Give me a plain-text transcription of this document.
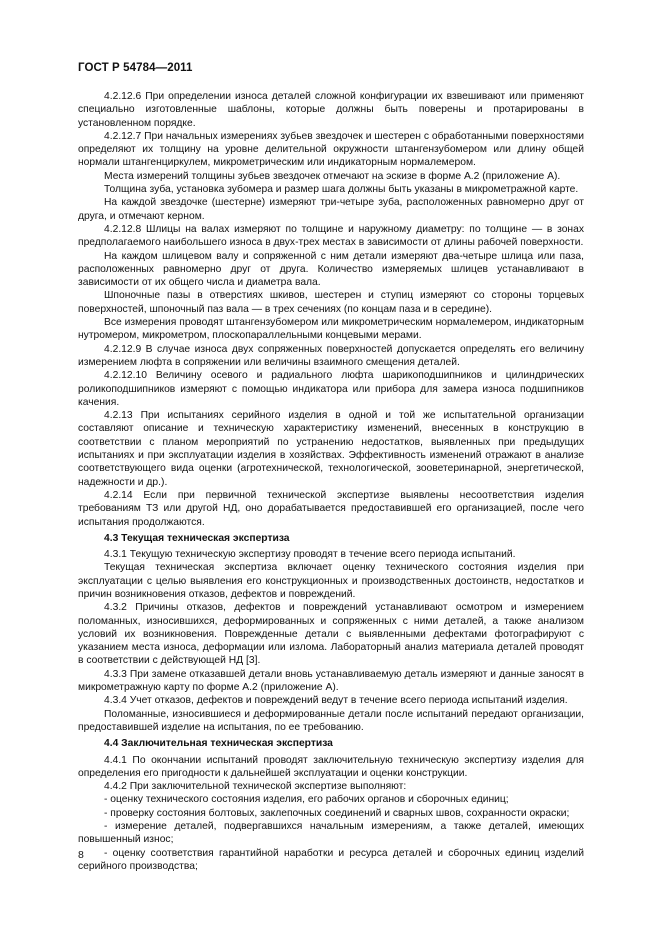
ГОСТ Р 54784—2011

4.2.12.6 При определении износа деталей сложной конфигурации их взвешивают или применяют специально изготовленные шаблоны, которые должны быть поверены и протарированы в установленном порядке.

4.2.12.7 При начальных измерениях зубьев звездочек и шестерен с обработанными поверхностями определяют их толщину на уровне делительной окружности штангензубомером или длину общей нормали штангенциркулем, микрометрическим или индикаторным нормалемером.

Места измерений толщины зубьев звездочек отмечают на эскизе в форме А.2 (приложение А).

Толщина зуба, установка зубомера и размер шага должны быть указаны в микрометражной карте.

На каждой звездочке (шестерне) измеряют три-четыре зуба, расположенных равномерно друг от друга, и отмечают керном.

4.2.12.8 Шлицы на валах измеряют по толщине и наружному диаметру: по толщине — в зонах предполагаемого наибольшего износа в двух-трех местах в зависимости от длины рабочей поверхности.

На каждом шлицевом валу и сопряженной с ним детали измеряют два-четыре шлица или паза, расположенных равномерно друг от друга. Количество измеряемых шлицев устанавливают в зависимости от их общего числа и диаметра вала.

Шпоночные пазы в отверстиях шкивов, шестерен и ступиц измеряют со стороны торцевых поверхностей, шпоночный паз вала — в трех сечениях (по концам паза и в середине).

Все измерения проводят штангензубомером или микрометрическим нормалемером, индикаторным нутромером, микрометром, плоскопараллельными концевыми мерами.

4.2.12.9 В случае износа двух сопряженных поверхностей допускается определять его величину измерением люфта в сопряжении или величины взаимного смещения деталей.

4.2.12.10 Величину осевого и радиального люфта шарикоподшипников и цилиндрических роликоподшипников измеряют с помощью индикатора или прибора для замера износа подшипников качения.

4.2.13 При испытаниях серийного изделия в одной и той же испытательной организации составляют описание и техническую характеристику изменений, внесенных в конструкцию в соответствии с планом мероприятий по устранению недостатков, выявленных при предыдущих испытаниях и при эксплуатации изделия в хозяйствах. Эффективность изменений отражают в анализе соответствующего вида оценки (агротехнической, технологической, зооветеринарной, энергетической, надежности и др.).

4.2.14 Если при первичной технической экспертизе выявлены несоответствия изделия требованиям ТЗ или другой НД, оно дорабатывается предоставившей его организацией, после чего испытания продолжаются.

4.3 Текущая техническая экспертиза

4.3.1 Текущую техническую экспертизу проводят в течение всего периода испытаний.

Текущая техническая экспертиза включает оценку технического состояния изделия при эксплуатации с целью выявления его конструкционных и производственных достоинств, недостатков и причин возникновения отказов, дефектов и повреждений.

4.3.2 Причины отказов, дефектов и повреждений устанавливают осмотром и измерением поломанных, износившихся, деформированных и сопряженных с ними деталей, а также анализом условий их возникновения. Поврежденные детали с выявленными дефектами фотографируют с указанием места износа, деформации или излома. Лабораторный анализ материала деталей проводят в соответствии с действующей НД [3].

4.3.3 При замене отказавшей детали вновь устанавливаемую деталь измеряют и данные заносят в микрометражную карту по форме А.2 (приложение А).

4.3.4 Учет отказов, дефектов и повреждений ведут в течение всего периода испытаний изделия.

Поломанные, износившиеся и деформированные детали после испытаний передают организации, предоставившей изделие на испытания, по ее требованию.

4.4 Заключительная техническая экспертиза

4.4.1 По окончании испытаний проводят заключительную техническую экспертизу изделия для определения его пригодности к дальнейшей эксплуатации и оценки конструкции.

4.4.2 При заключительной технической экспертизе выполняют:

- оценку технического состояния изделия, его рабочих органов и сборочных единиц;

- проверку состояния болтовых, заклепочных соединений и сварных швов, сохранности окраски;

- измерение деталей, подвергавшихся начальным измерениям, а также деталей, имеющих повышенный износ;

- оценку соответствия гарантийной наработки и ресурса деталей и сборочных единиц изделий серийного производства;

8
